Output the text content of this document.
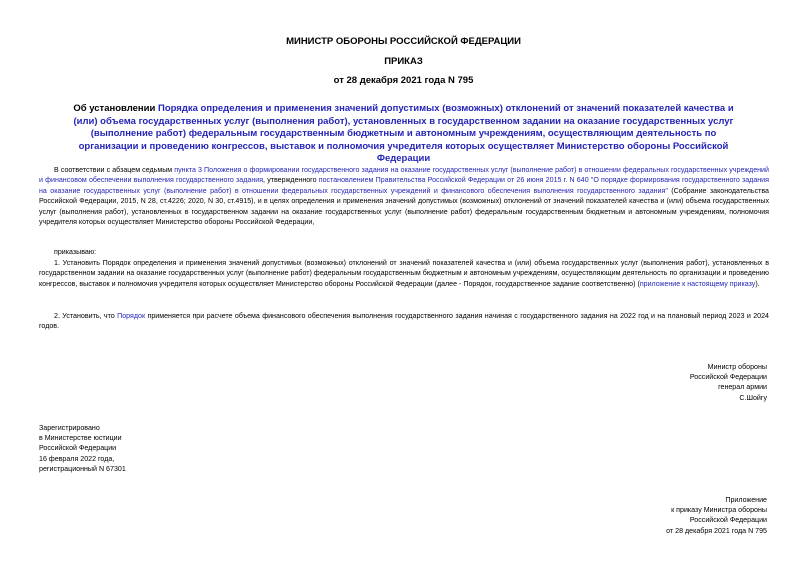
МИНИСТР ОБОРОНЫ РОССИЙСКОЙ ФЕДЕРАЦИИ
ПРИКАЗ
от 28 декабря 2021 года N 795
Об установлении Порядка определения и применения значений допустимых (возможных) отклонений от значений показателей качества и (или) объема государственных услуг (выполнения работ), установленных в государственном задании на оказание государственных услуг (выполнение работ) федеральным государственным бюджетным и автономным учреждениям, осуществляющим деятельность по организации и проведению конгрессов, выставок и полномочия учредителя которых осуществляет Министерство обороны Российской Федерации
В соответствии с абзацем седьмым пункта 3 Положения о формировании государственного задания на оказание государственных услуг (выполнение работ) в отношении федеральных государственных учреждений и финансовом обеспечении выполнения государственного задания, утвержденного постановлением Правительства Российской Федерации от 26 июня 2015 г. N 640 "О порядке формирования государственного задания на оказание государственных услуг (выполнение работ) в отношении федеральных государственных учреждений и финансового обеспечения выполнения государственного задания" (Собрание законодательства Российской Федерации, 2015, N 28, ст.4226; 2020, N 30, ст.4915), и в целях определения и применения значений допустимых (возможных) отклонений от значений показателей качества и (или) объема государственных услуг (выполнения работ), установленных в государственном задании на оказание государственных услуг (выполнение работ) федеральным государственным бюджетным и автономным учреждениям, полномочия учредителя которых осуществляет Министерство обороны Российской Федерации,
приказываю:
1. Установить Порядок определения и применения значений допустимых (возможных) отклонений от значений показателей качества и (или) объема государственных услуг (выполнения работ), установленных в государственном задании на оказание государственных услуг (выполнение работ) федеральным государственным бюджетным и автономным учреждениям, осуществляющим деятельность по организации и проведению конгрессов, выставок и полномочия учредителя которых осуществляет Министерство обороны Российской Федерации (далее - Порядок, государственное задание соответственно) (приложение к настоящему приказу).
2. Установить, что Порядок применяется при расчете объема финансового обеспечения выполнения государственного задания начиная с государственного задания на 2022 год и на плановый период 2023 и 2024 годов.
Министр обороны
Российской Федерации
генерал армии
С.Шойгу
Зарегистрировано
в Министерстве юстиции
Российской Федерации
16 февраля 2022 года,
регистрационный N 67301
Приложение
к приказу Министра обороны
Российской Федерации
от 28 декабря 2021 года N 795
